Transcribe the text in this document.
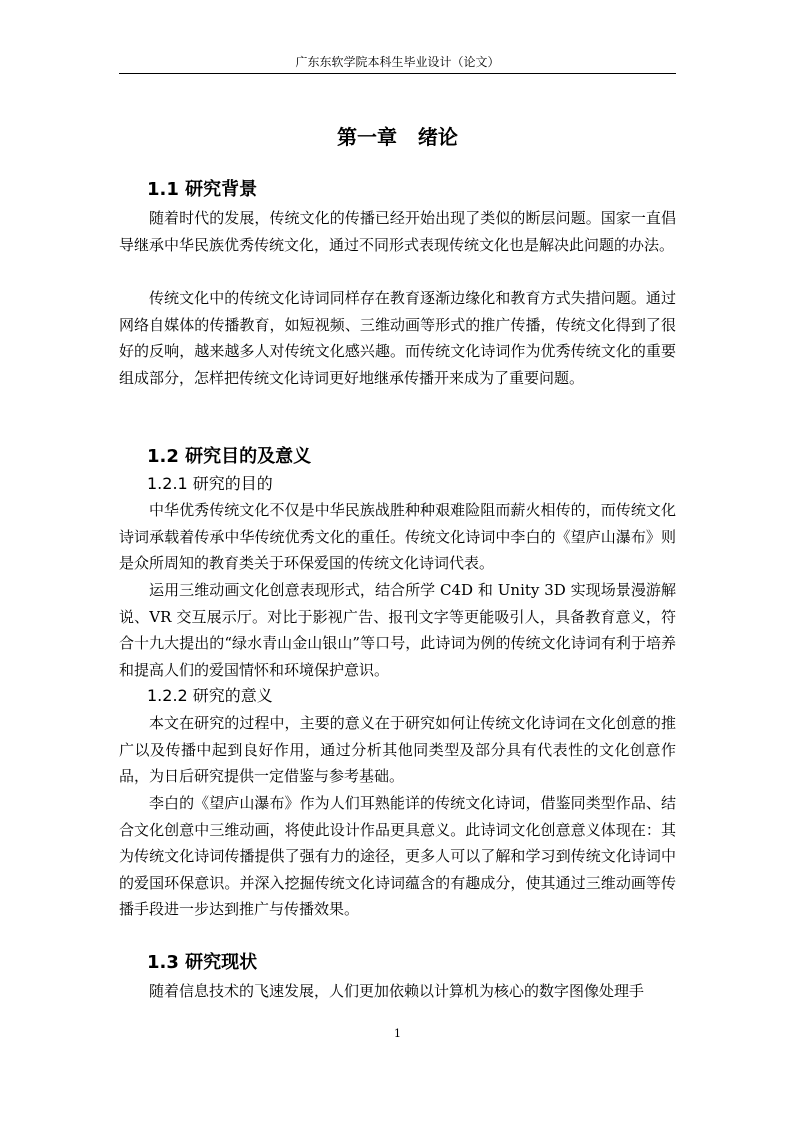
广东东软学院本科生毕业设计（论文）
第一章   绪论
1.1 研究背景

随着时代的发展，传统文化的传播已经开始出现了类似的断层问题。国家一直倡导继承中华民族优秀传统文化，通过不同形式表现传统文化也是解决此问题的办法。

传统文化中的传统文化诗词同样存在教育逐渐边缘化和教育方式失措问题。通过网络自媒体的传播教育，如短视频、三维动画等形式的推广传播，传统文化得到了很好的反响，越来越多人对传统文化感兴趣。而传统文化诗词作为优秀传统文化的重要组成部分，怎样把传统文化诗词更好地继承传播开来成为了重要问题。

1.2 研究目的及意义
1.2.1 研究的目的

中华优秀传统文化不仅是中华民族战胜种种艰难险阻而薪火相传的，而传统文化诗词承载着传承中华传统优秀文化的重任。传统文化诗词中李白的《望庐山瀑布》则是众所周知的教育类关于环保爱国的传统文化诗词代表。

运用三维动画文化创意表现形式，结合所学 C4D 和 Unity 3D 实现场景漫游解说、VR 交互展示厅。对比于影视广告、报刊文字等更能吸引人，具备教育意义，符合十九大提出的“绿水青山金山银山”等口号，此诗词为例的传统文化诗词有利于培养和提高人们的爱国情怀和环境保护意识。

1.2.2 研究的意义

本文在研究的过程中，主要的意义在于研究如何让传统文化诗词在文化创意的推广以及传播中起到良好作用，通过分析其他同类型及部分具有代表性的文化创意作品，为日后研究提供一定借鉴与参考基础。

李白的《望庐山瀑布》作为人们耳熟能详的传统文化诗词，借鉴同类型作品、结合文化创意中三维动画，将使此设计作品更具意义。此诗词文化创意意义体现在：其为传统文化诗词传播提供了强有力的途径，更多人可以了解和学习到传统文化诗词中的爱国环保意识。并深入挖掘传统文化诗词蕴含的有趣成分，使其通过三维动画等传播手段进一步达到推广与传播效果。

1.3 研究现状

随着信息技术的飞速发展，人们更加依赖以计算机为核心的数字图像处理手

1
